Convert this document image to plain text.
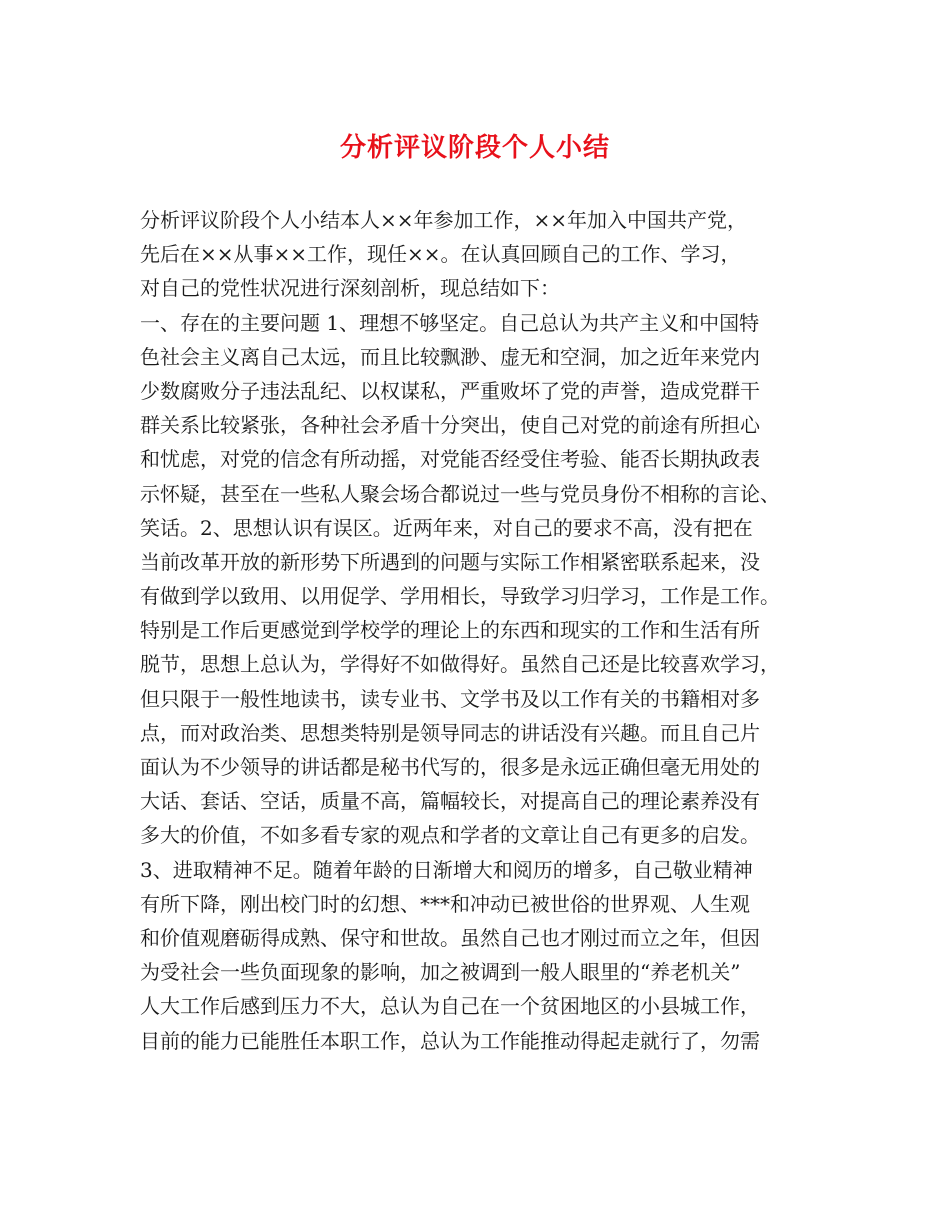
分析评议阶段个人小结
分析评议阶段个人小结本人××年参加工作，××年加入中国共产党，
先后在××从事××工作，现任××。在认真回顾自己的工作、学习，
对自己的党性状况进行深刻剖析，现总结如下：
一、存在的主要问题 1、理想不够坚定。自己总认为共产主义和中国特
色社会主义离自己太远，而且比较飘渺、虚无和空洞，加之近年来党内
少数腐败分子违法乱纪、以权谋私，严重败坏了党的声誉，造成党群干
群关系比较紧张，各种社会矛盾十分突出，使自己对党的前途有所担心
和忧虑，对党的信念有所动摇，对党能否经受住考验、能否长期执政表
示怀疑，甚至在一些私人聚会场合都说过一些与党员身份不相称的言论、
笑话。2、思想认识有误区。近两年来，对自己的要求不高，没有把在
当前改革开放的新形势下所遇到的问题与实际工作相紧密联系起来，没
有做到学以致用、以用促学、学用相长，导致学习归学习，工作是工作。
特别是工作后更感觉到学校学的理论上的东西和现实的工作和生活有所
脱节，思想上总认为，学得好不如做得好。虽然自己还是比较喜欢学习，
但只限于一般性地读书，读专业书、文学书及以工作有关的书籍相对多
点，而对政治类、思想类特别是领导同志的讲话没有兴趣。而且自己片
面认为不少领导的讲话都是秘书代写的，很多是永远正确但毫无用处的
大话、套话、空话，质量不高，篇幅较长，对提高自己的理论素养没有
多大的价值，不如多看专家的观点和学者的文章让自己有更多的启发。
3、进取精神不足。随着年龄的日渐增大和阅历的增多，自己敬业精神
有所下降，刚出校门时的幻想、***和冲动已被世俗的世界观、人生观
和价值观磨砺得成熟、保守和世故。虽然自己也才刚过而立之年，但因
为受社会一些负面现象的影响，加之被调到一般人眼里的“养老机关”
人大工作后感到压力不大，总认为自己在一个贫困地区的小县城工作，
目前的能力已能胜任本职工作，总认为工作能推动得起走就行了，勿需
